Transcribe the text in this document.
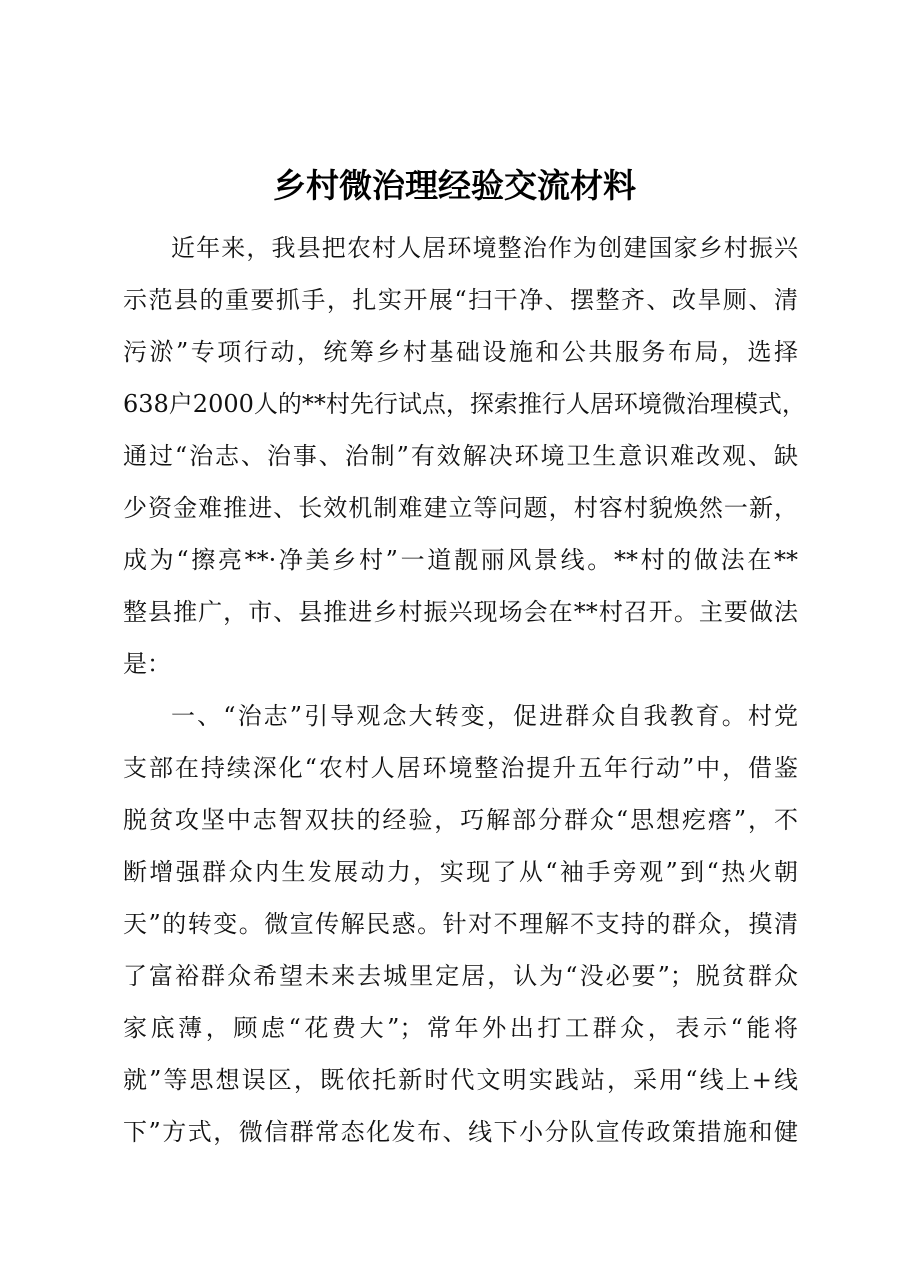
乡村微治理经验交流材料
近年来，我县把农村人居环境整治作为创建国家乡村振兴
示范县的重要抓手，扎实开展“扫干净、摆整齐、改旱厕、清
污淤”专项行动，统筹乡村基础设施和公共服务布局，选择
638户2000人的**村先行试点，探索推行人居环境微治理模式，
通过“治志、治事、治制”有效解决环境卫生意识难改观、缺
少资金难推进、长效机制难建立等问题，村容村貌焕然一新，
成为“擦亮**·净美乡村”一道靓丽风景线。**村的做法在**
整县推广，市、县推进乡村振兴现场会在**村召开。主要做法
是：
一、“治志”引导观念大转变，促进群众自我教育。村党
支部在持续深化“农村人居环境整治提升五年行动”中，借鉴
脱贫攻坚中志智双扶的经验，巧解部分群众“思想疙瘩”，不
断增强群众内生发展动力，实现了从“袖手旁观”到“热火朝
天”的转变。微宣传解民惑。针对不理解不支持的群众，摸清
了富裕群众希望未来去城里定居，认为“没必要”；脱贫群众
家底薄，顾虑“花费大”；常年外出打工群众，表示“能将
就”等思想误区，既依托新时代文明实践站，采用“线上+线
下”方式，微信群常态化发布、线下小分队宣传政策措施和健
